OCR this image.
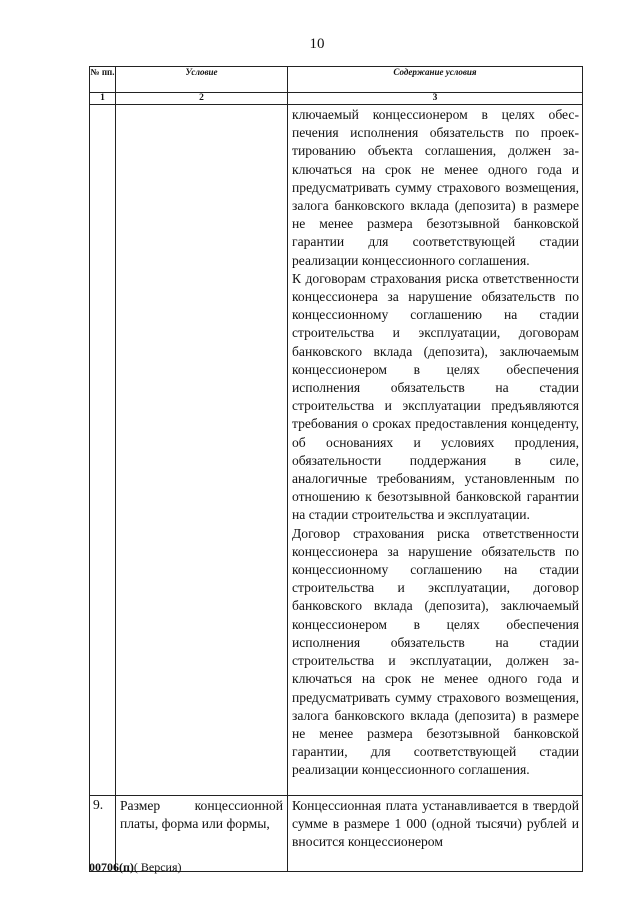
10
№ пп.	Условие	Содержание условия
1	2	3

		ключаемый концессионером в целях обеспечения исполнения обязательств по проектированию объекта соглашения, должен заключаться на срок не менее одного года и предусматривать сумму страхового возмещения, залога банковского вклада (депозита) в размере не менее размера безотзывной банковской гарантии для соответствующей стадии реализации концессионного соглашения.

К договорам страхования риска ответственности концессионера за нарушение обязательств по концессионному соглашению на стадии строительства и эксплуатации, договорам банковского вклада (депозита), заключаемым концессионером в целях обеспечения исполнения обязательств на стадии строительства и эксплуатации предъявляются требования о сроках предоставления концеденту, об основаниях и условиях продления, обязательности поддержания в силе, аналогичные требованиям, установленным по отношению к безотзывной банковской гарантии на стадии строительства и эксплуатации.

Договор страхования риска ответственности концессионера за нарушение обязательств по концессионному соглашению на стадии строительства и эксплуатации, договор банковского вклада (депозита), заключаемый концессионером в целях обеспечения исполнения обязательств на стадии строительства и эксплуатации, должен заключаться на срок не менее одного года и предусматривать сумму страхового возмещения, залога банковского вклада (депозита) в размере не менее размера безотзывной банковской гарантии, для соответствующей стадии реализации концессионного соглашения.

9.	Размер концессионной платы, форма или формы,	Концессионная плата устанавливается в твердой сумме в размере 1 000 (одной тысячи) рублей и вносится концессионером
00706(п)( Версия)
